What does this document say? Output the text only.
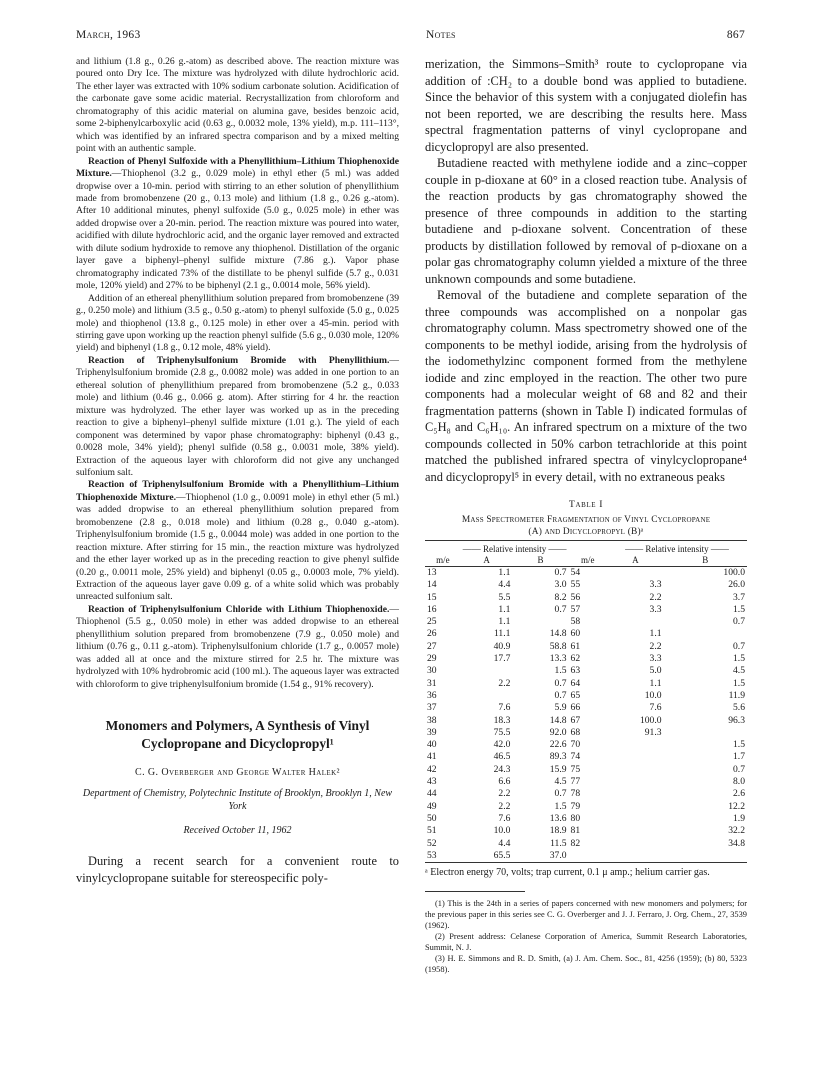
March, 1963	Notes	867

and lithium (1.8 g., 0.26 g.-atom) as described above. The reaction mixture was poured onto Dry Ice. The mixture was hydrolyzed with dilute hydrochloric acid. The ether layer was extracted with 10% sodium carbonate solution. Acidification of the carbonate gave some acidic material. Recrystallization from chloroform and chromatography of this acidic material on alumina gave, besides benzoic acid, some 2-biphenylcarboxylic acid (0.63 g., 0.0032 mole, 13% yield), m.p. 111–113°, which was identified by an infrared spectra comparison and by a mixed melting point with an authentic sample.

Reaction of Phenyl Sulfoxide with a Phenyllithium–Lithium Thiophenoxide Mixture.—Thiophenol (3.2 g., 0.029 mole) in ethyl ether (5 ml.) was added dropwise over a 10-min. period with stirring to an ether solution of phenyllithium made from bromobenzene (20 g., 0.13 mole) and lithium (1.8 g., 0.26 g.-atom). After 10 additional minutes, phenyl sulfoxide (5.0 g., 0.025 mole) in ether was added dropwise over a 20-min. period. The reaction mixture was poured into water, acidified with dilute hydrochloric acid, and the organic layer removed and extracted with dilute sodium hydroxide to remove any thiophenol. Distillation of the organic layer gave a biphenyl–phenyl sulfide mixture (7.86 g.). Vapor phase chromatography indicated 73% of the distillate to be phenyl sulfide (5.7 g., 0.031 mole, 120% yield) and 27% to be biphenyl (2.1 g., 0.0014 mole, 56% yield).

Addition of an ethereal phenyllithium solution prepared from bromobenzene (39 g., 0.250 mole) and lithium (3.5 g., 0.50 g.-atom) to phenyl sulfoxide (5.0 g., 0.025 mole) and thiophenol (13.8 g., 0.125 mole) in ether over a 45-min. period with stirring gave upon working up the reaction phenyl sulfide (5.6 g., 0.030 mole, 120% yield) and biphenyl (1.8 g., 0.12 mole, 48% yield).

Reaction of Triphenylsulfonium Bromide with Phenyllithium.—Triphenylsulfonium bromide (2.8 g., 0.0082 mole) was added in one portion to an ethereal solution of phenyllithium prepared from bromobenzene (5.2 g., 0.033 mole) and lithium (0.46 g., 0.066 g. atom). After stirring for 4 hr. the reaction mixture was hydrolyzed. The ether layer was worked up as in the preceding reaction to give a biphenyl–phenyl sulfide mixture (1.01 g.). The yield of each component was determined by vapor phase chromatography: biphenyl (0.43 g., 0.0028 mole, 34% yield); phenyl sulfide (0.58 g., 0.0031 mole, 38% yield). Extraction of the aqueous layer with chloroform did not give any unchanged sulfonium salt.

Reaction of Triphenylsulfonium Bromide with a Phenyllithium–Lithium Thiophenoxide Mixture.—Thiophenol (1.0 g., 0.0091 mole) in ethyl ether (5 ml.) was added dropwise to an ethereal phenyllithium solution prepared from bromobenzene (2.8 g., 0.018 mole) and lithium (0.28 g., 0.040 g.-atom). Triphenylsulfonium bromide (1.5 g., 0.0044 mole) was added in one portion to the reaction mixture. After stirring for 15 min., the reaction mixture was hydrolyzed and the ether layer worked up as in the preceding reaction to give phenyl sulfide (0.20 g., 0.0011 mole, 25% yield) and biphenyl (0.05 g., 0.0003 mole, 7% yield). Extraction of the aqueous layer gave 0.09 g. of a white solid which was probably unreacted sulfonium salt.

Reaction of Triphenylsulfonium Chloride with Lithium Thiophenoxide.—Thiophenol (5.5 g., 0.050 mole) in ether was added dropwise to an ethereal phenyllithium solution prepared from bromobenzene (7.9 g., 0.050 mole) and lithium (0.76 g., 0.11 g.-atom). Triphenylsulfonium chloride (1.7 g., 0.0057 mole) was added all at once and the mixture stirred for 2.5 hr. The mixture was hydrolyzed with 10% hydrobromic acid (100 ml.). The aqueous layer was extracted with chloroform to give triphenylsulfonium bromide (1.54 g., 91% recovery).

Monomers and Polymers, A Synthesis of Vinyl Cyclopropane and Dicyclopropyl¹
C. G. Overberger and George Walter Halek²
Department of Chemistry, Polytechnic Institute of Brooklyn, Brooklyn 1, New York
Received October 11, 1962

During a recent search for a convenient route to vinylcyclopropane suitable for stereospecific poly-

merization, the Simmons–Smith³ route to cyclopropane via addition of :CH₂ to a double bond was applied to butadiene. Since the behavior of this system with a conjugated diolefin has not been reported, we are describing the results here. Mass spectral fragmentation patterns of vinyl cyclopropane and dicyclopropyl are also presented.

Butadiene reacted with methylene iodide and a zinc–copper couple in p-dioxane at 60° in a closed reaction tube. Analysis of the reaction products by gas chromatography showed the presence of three compounds in addition to the starting butadiene and p-dioxane solvent. Concentration of these products by distillation followed by removal of p-dioxane on a polar gas chromatography column yielded a mixture of the three unknown compounds and some butadiene.

Removal of the butadiene and complete separation of the three compounds was accomplished on a nonpolar gas chromatography column. Mass spectrometry showed one of the components to be methyl iodide, arising from the hydrolysis of the iodomethylzinc component formed from the methylene iodide and zinc employed in the reaction. The other two pure components had a molecular weight of 68 and 82 and their fragmentation patterns (shown in Table I) indicated formulas of C₅H₈ and C₆H₁₀. An infrared spectrum on a mixture of the two compounds collected in 50% carbon tetrachloride at this point matched the published infrared spectra of vinylcyclopropane⁴ and dicyclopropyl⁵ in every detail, with no extraneous peaks

Table I
Mass Spectrometer Fragmentation of Vinyl Cyclopropane
(A) and Dicyclopropyl (B)ᵃ

	—— Relative intensity ——			—— Relative intensity ——	
m/e	A	B	m/e	A	B
13	1.1	0.7	54		100.0
14	4.4	3.0	55	3.3	26.0
15	5.5	8.2	56	2.2	3.7
16	1.1	0.7	57	3.3	1.5
25	1.1		58		0.7
26	11.1	14.8	60	1.1	
27	40.9	58.8	61	2.2	0.7
29	17.7	13.3	62	3.3	1.5
30		1.5	63	5.0	4.5
31	2.2	0.7	64	1.1	1.5
36		0.7	65	10.0	11.9
37	7.6	5.9	66	7.6	5.6
38	18.3	14.8	67	100.0	96.3
39	75.5	92.0	68	91.3	
40	42.0	22.6	70		1.5
41	46.5	89.3	74		1.7
42	24.3	15.9	75		0.7
43	6.6	4.5	77		8.0
44	2.2	0.7	78		2.6
49	2.2	1.5	79		12.2
50	7.6	13.6	80		1.9
51	10.0	18.9	81		32.2
52	4.4	11.5	82		34.8
53	65.5	37.0			
ᵃ Electron energy 70, volts; trap current, 0.1 μ amp.; helium carrier gas.

(1) This is the 24th in a series of papers concerned with new monomers and polymers; for the previous paper in this series see C. G. Overberger and J. J. Ferraro, J. Org. Chem., 27, 3539 (1962).

(2) Present address: Celanese Corporation of America, Summit Research Laboratories, Summit, N. J.

(3) H. E. Simmons and R. D. Smith, (a) J. Am. Chem. Soc., 81, 4256 (1959); (b) 80, 5323 (1958).
